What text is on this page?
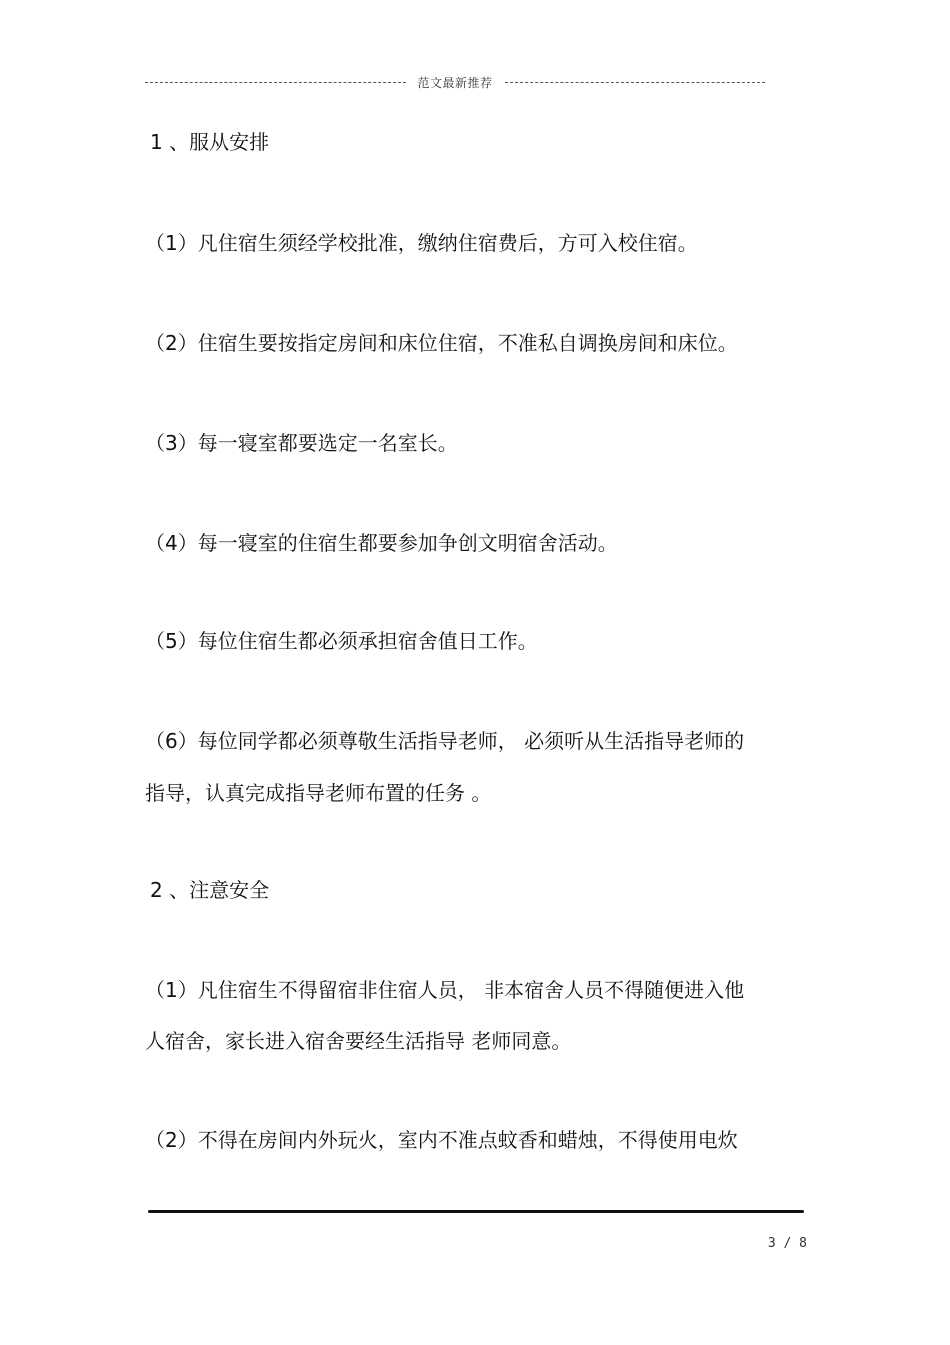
范文最新推荐
1 、服从安排
（1）凡住宿生须经学校批准，缴纳住宿费后，方可入校住宿。
（2）住宿生要按指定房间和床位住宿，不准私自调换房间和床位。
（3）每一寝室都要选定一名室长。
（4）每一寝室的住宿生都要参加争创文明宿舍活动。
（5）每位住宿生都必须承担宿舍值日工作。
（6）每位同学都必须尊敬生活指导老师， 必须听从生活指导老师的
指导，认真完成指导老师布置的任务 。
2 、注意安全
（1）凡住宿生不得留宿非住宿人员， 非本宿舍人员不得随便进入他
人宿舍，家长进入宿舍要经生活指导 老师同意。
（2）不得在房间内外玩火，室内不准点蚊香和蜡烛，不得使用电炊
3 / 8
